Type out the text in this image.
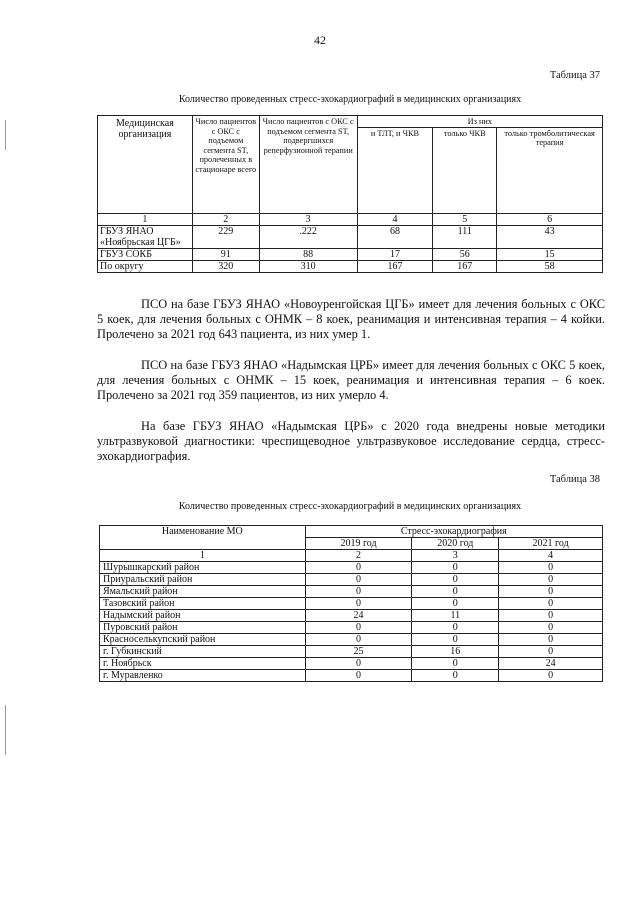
42
Таблица 37
Количество проведенных стресс-эхокардиографий в медицинских организациях
Медицинская организация	Число пациентов с ОКС с подъемом сегмента ST, пролеченных в стационаре всего	Число пациентов с ОКС с подъемом сегмента ST, подвергшихся реперфузионной терапии	Из них		
			и ТЛТ, и ЧКВ	только ЧКВ	только тромболитическая терапия
1	2	3	4	5	6
ГБУЗ ЯНАО «Ноябрьская ЦГБ»	229	.222	68	111	43
ГБУЗ СОКБ	91	88	17	56	15
По округу	320	310	167	167	58

ПСО на базе ГБУЗ ЯНАО «Новоуренгойская ЦГБ» имеет для лечения больных с ОКС 5 коек, для лечения больных с ОНМК – 8 коек, реанимация и интенсивная терапия – 4 койки. Пролечено за 2021 год 643 пациента, из них умер 1.

ПСО на базе ГБУЗ ЯНАО «Надымская ЦРБ» имеет для лечения больных с ОКС 5 коек, для лечения больных с ОНМК – 15 коек, реанимация и интенсивная терапия – 6 коек. Пролечено за 2021 год 359 пациентов, из них умерло 4.

На базе ГБУЗ ЯНАО «Надымская ЦРБ» с 2020 года внедрены новые методики ультразвуковой диагностики: чреспищеводное ультразвуковое исследование сердца, стресс-эхокардиография.

Таблица 38
Количество проведенных стресс-эхокардиографий в медицинских организациях
Наименование МО	Стресс-эхокардиография		
	2019 год	2020 год	2021 год
1	2	3	4
Шурышкарский район	0	0	0
Приуральский район	0	0	0
Ямальский район	0	0	0
Тазовский район	0	0	0
Надымский район	24	11	0
Пуровский район	0	0	0
Красноселькупский район	0	0	0
г. Губкинский	25	16	0
г. Ноябрьск	0	0	24
г. Муравленко	0	0	0
